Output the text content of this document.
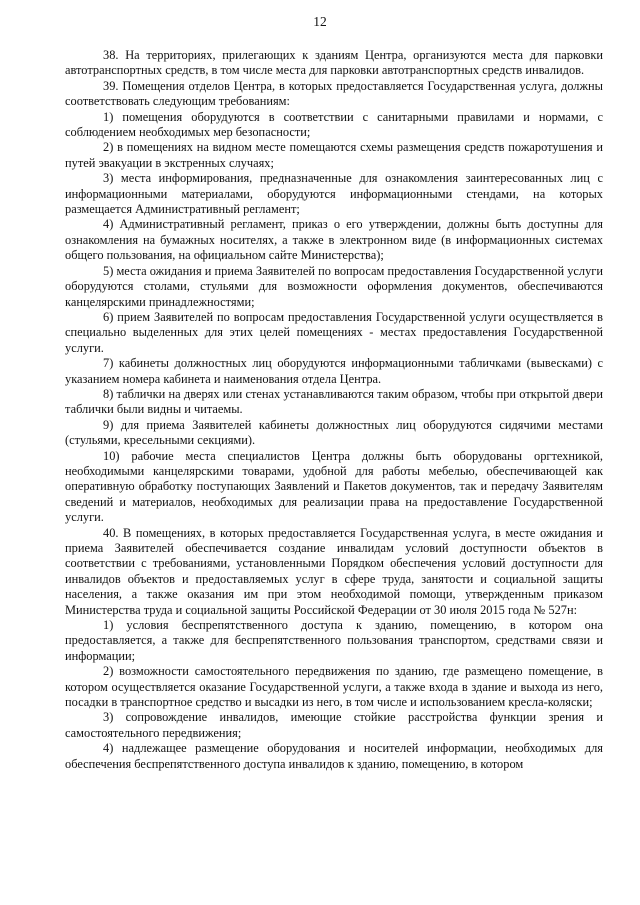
12

38. На территориях, прилегающих к зданиям Центра, организуются места для парковки автотранспортных средств, в том числе места для парковки автотранспортных средств инвалидов.

39. Помещения отделов Центра, в которых предоставляется Государственная услуга, должны соответствовать следующим требованиям:

1) помещения оборудуются в соответствии с санитарными правилами и нормами, с соблюдением необходимых мер безопасности;

2) в помещениях на видном месте помещаются схемы размещения средств пожаротушения и путей эвакуации в экстренных случаях;

3) места информирования, предназначенные для ознакомления заинтересованных лиц с информационными материалами, оборудуются информационными стендами, на которых размещается Административный регламент;

4) Административный регламент, приказ о его утверждении, должны быть доступны для ознакомления на бумажных носителях, а также в электронном виде (в информационных системах общего пользования, на официальном сайте Министерства);

5) места ожидания и приема Заявителей по вопросам предоставления Государственной услуги оборудуются столами, стульями для возможности оформления документов, обеспечиваются канцелярскими принадлежностями;

6) прием Заявителей по вопросам предоставления Государственной услуги осуществляется в специально выделенных для этих целей помещениях - местах предоставления Государственной услуги.

7) кабинеты должностных лиц оборудуются информационными табличками (вывесками) с указанием номера кабинета и наименования отдела Центра.

8) таблички на дверях или стенах устанавливаются таким образом, чтобы при открытой двери таблички были видны и читаемы.

9) для приема Заявителей кабинеты должностных лиц оборудуются сидячими местами (стульями, кресельными секциями).

10) рабочие места специалистов Центра должны быть оборудованы оргтехникой, необходимыми канцелярскими товарами, удобной для работы мебелью, обеспечивающей как оперативную обработку поступающих Заявлений и Пакетов документов, так и передачу Заявителям сведений и материалов, необходимых для реализации права на предоставление Государственной услуги.

40. В помещениях, в которых предоставляется Государственная услуга, в месте ожидания и приема Заявителей обеспечивается создание инвалидам условий доступности объектов в соответствии с требованиями, установленными Порядком обеспечения условий доступности для инвалидов объектов и предоставляемых услуг в сфере труда, занятости и социальной защиты населения, а также оказания им при этом необходимой помощи, утвержденным приказом Министерства труда и социальной защиты Российской Федерации от 30 июля 2015 года № 527н:

1) условия беспрепятственного доступа к зданию, помещению, в котором она предоставляется, а также для беспрепятственного пользования транспортом, средствами связи и информации;

2) возможности самостоятельного передвижения по зданию, где размещено помещение, в котором осуществляется оказание Государственной услуги, а также входа в здание и выхода из него, посадки в транспортное средство и высадки из него, в том числе и использованием кресла-коляски;

3) сопровождение инвалидов, имеющие стойкие расстройства функции зрения и самостоятельного передвижения;

4) надлежащее размещение оборудования и носителей информации, необходимых для обеспечения беспрепятственного доступа инвалидов к зданию, помещению, в котором
